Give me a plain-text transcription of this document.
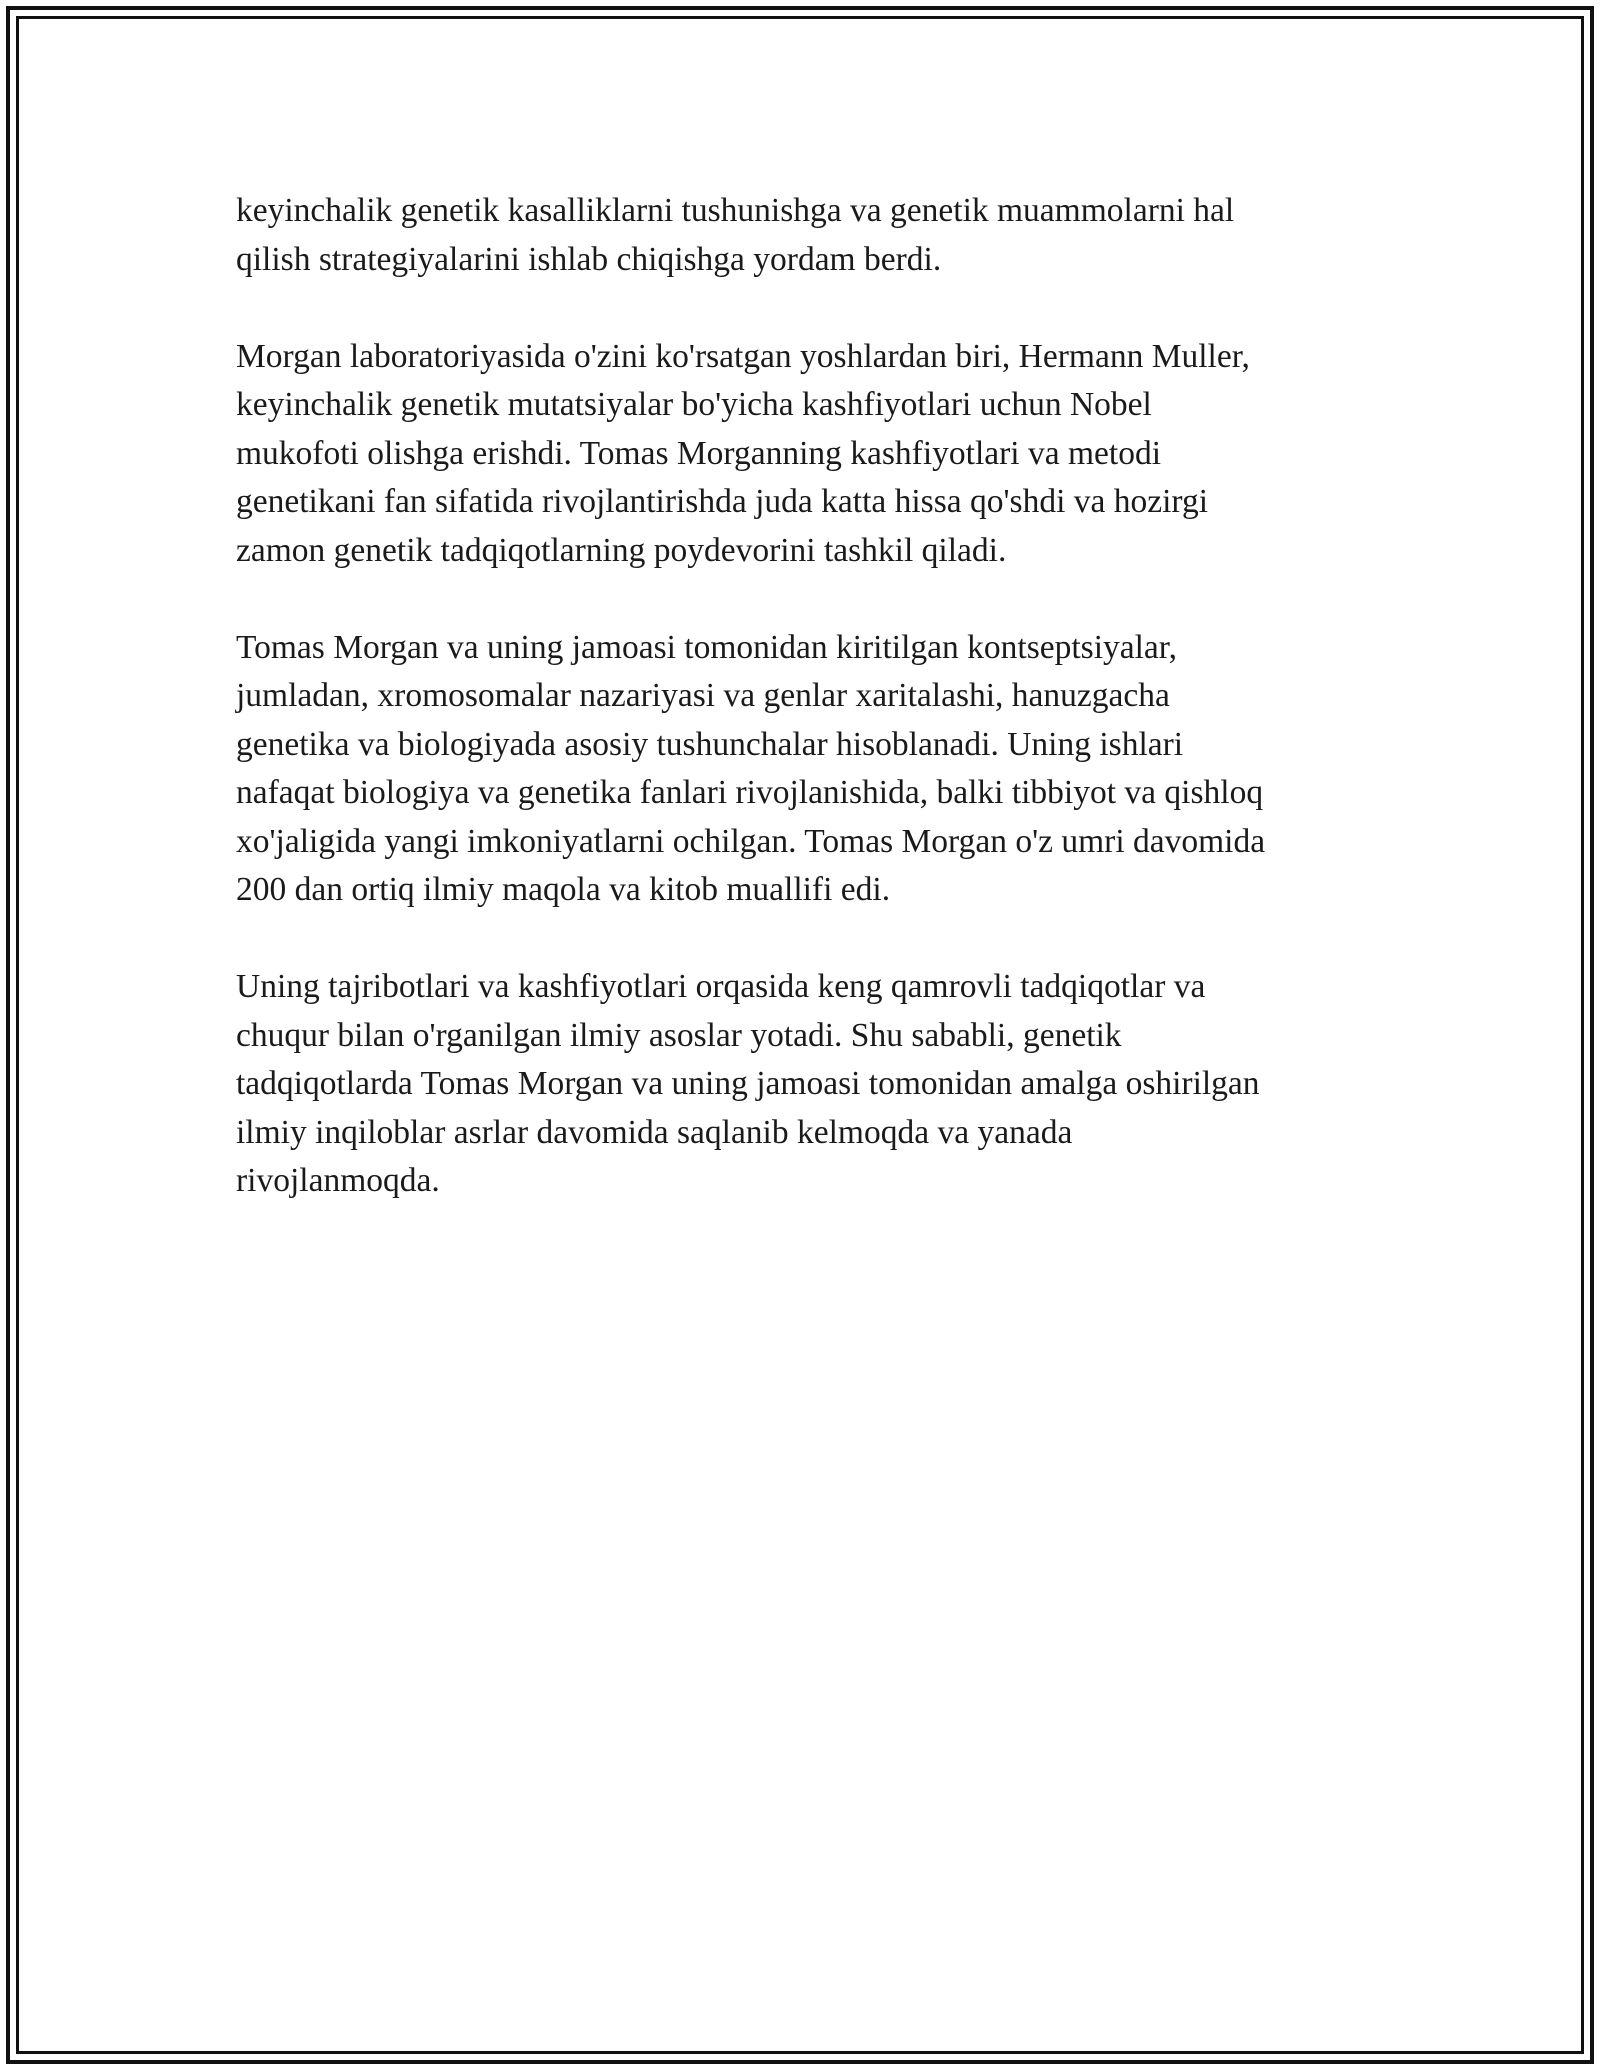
keyinchalik genetik kasalliklarni tushunishga va genetik muammolarni hal
qilish strategiyalarini ishlab chiqishga yordam berdi.

Morgan laboratoriyasida o'zini ko'rsatgan yoshlardan biri, Hermann Muller,
keyinchalik genetik mutatsiyalar bo'yicha kashfiyotlari uchun Nobel
mukofoti olishga erishdi. Tomas Morganning kashfiyotlari va metodi
genetikani fan sifatida rivojlantirishda juda katta hissa qo'shdi va hozirgi
zamon genetik tadqiqotlarning poydevorini tashkil qiladi.

Tomas Morgan va uning jamoasi tomonidan kiritilgan kontseptsiyalar,
jumladan, xromosomalar nazariyasi va genlar xaritalashi, hanuzgacha
genetika va biologiyada asosiy tushunchalar hisoblanadi. Uning ishlari
nafaqat biologiya va genetika fanlari rivojlanishida, balki tibbiyot va qishloq
xo'jaligida yangi imkoniyatlarni ochilgan. Tomas Morgan o'z umri davomida
200 dan ortiq ilmiy maqola va kitob muallifi edi.

Uning tajribotlari va kashfiyotlari orqasida keng qamrovli tadqiqotlar va
chuqur bilan o'rganilgan ilmiy asoslar yotadi. Shu sababli, genetik
tadqiqotlarda Tomas Morgan va uning jamoasi tomonidan amalga oshirilgan
ilmiy inqiloblar asrlar davomida saqlanib kelmoqda va yanada
rivojlanmoqda.
